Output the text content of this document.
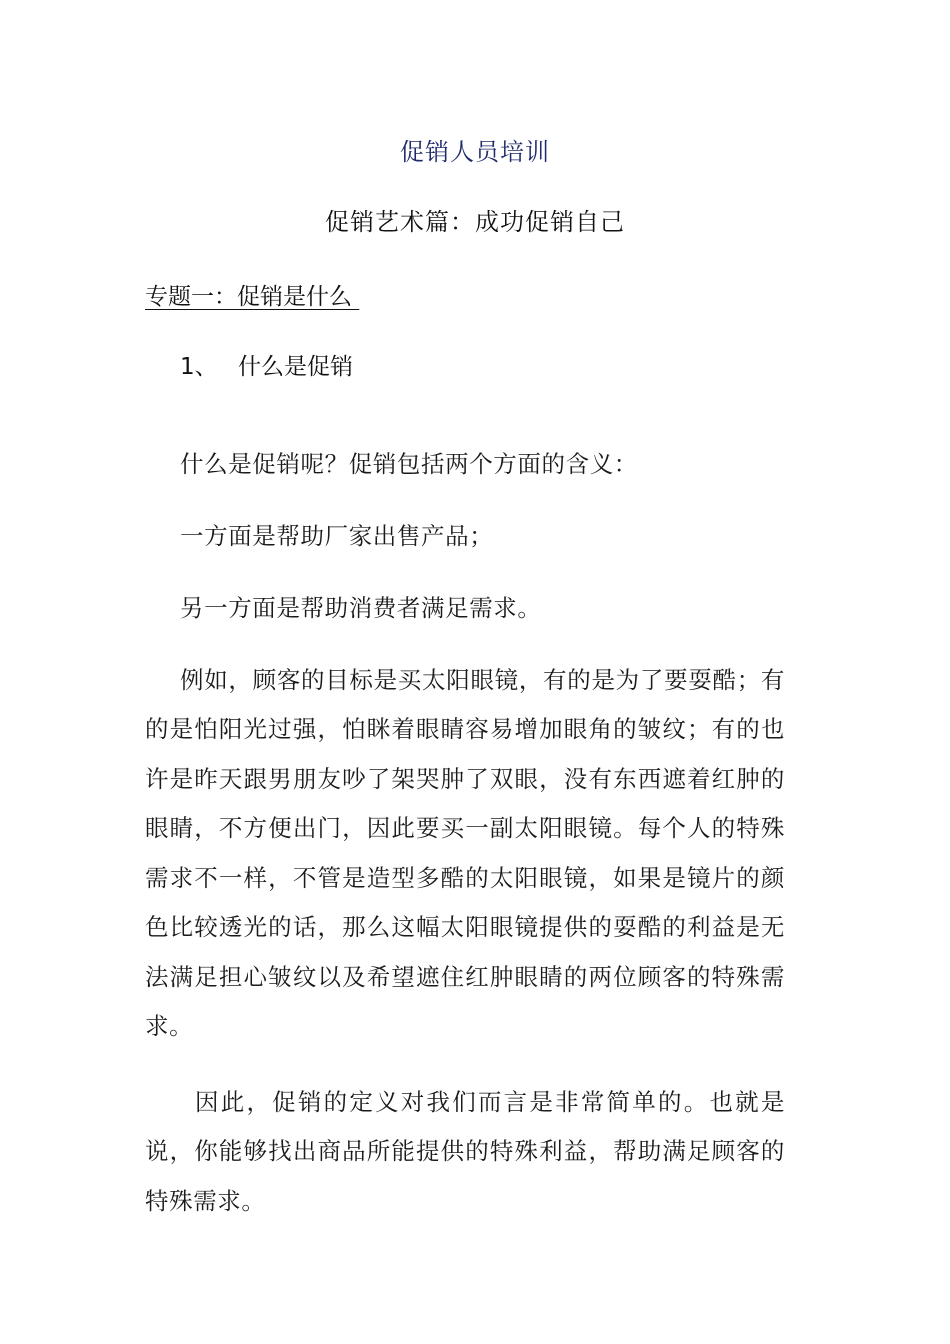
促销人员培训
促销艺术篇：成功促销自己
专题一：促销是什么
1、 什么是促销

什么是促销呢？促销包括两个方面的含义：

一方面是帮助厂家出售产品；

另一方面是帮助消费者满足需求。

例如，顾客的目标是买太阳眼镜，有的是为了要耍酷；有的是怕阳光过强，怕眯着眼睛容易增加眼角的皱纹；有的也许是昨天跟男朋友吵了架哭肿了双眼，没有东西遮着红肿的眼睛，不方便出门，因此要买一副太阳眼镜。每个人的特殊需求不一样，不管是造型多酷的太阳眼镜，如果是镜片的颜色比较透光的话，那么这幅太阳眼镜提供的耍酷的利益是无法满足担心皱纹以及希望遮住红肿眼睛的两位顾客的特殊需求。

因此，促销的定义对我们而言是非常简单的。也就是说，你能够找出商品所能提供的特殊利益，帮助满足顾客的特殊需求。
